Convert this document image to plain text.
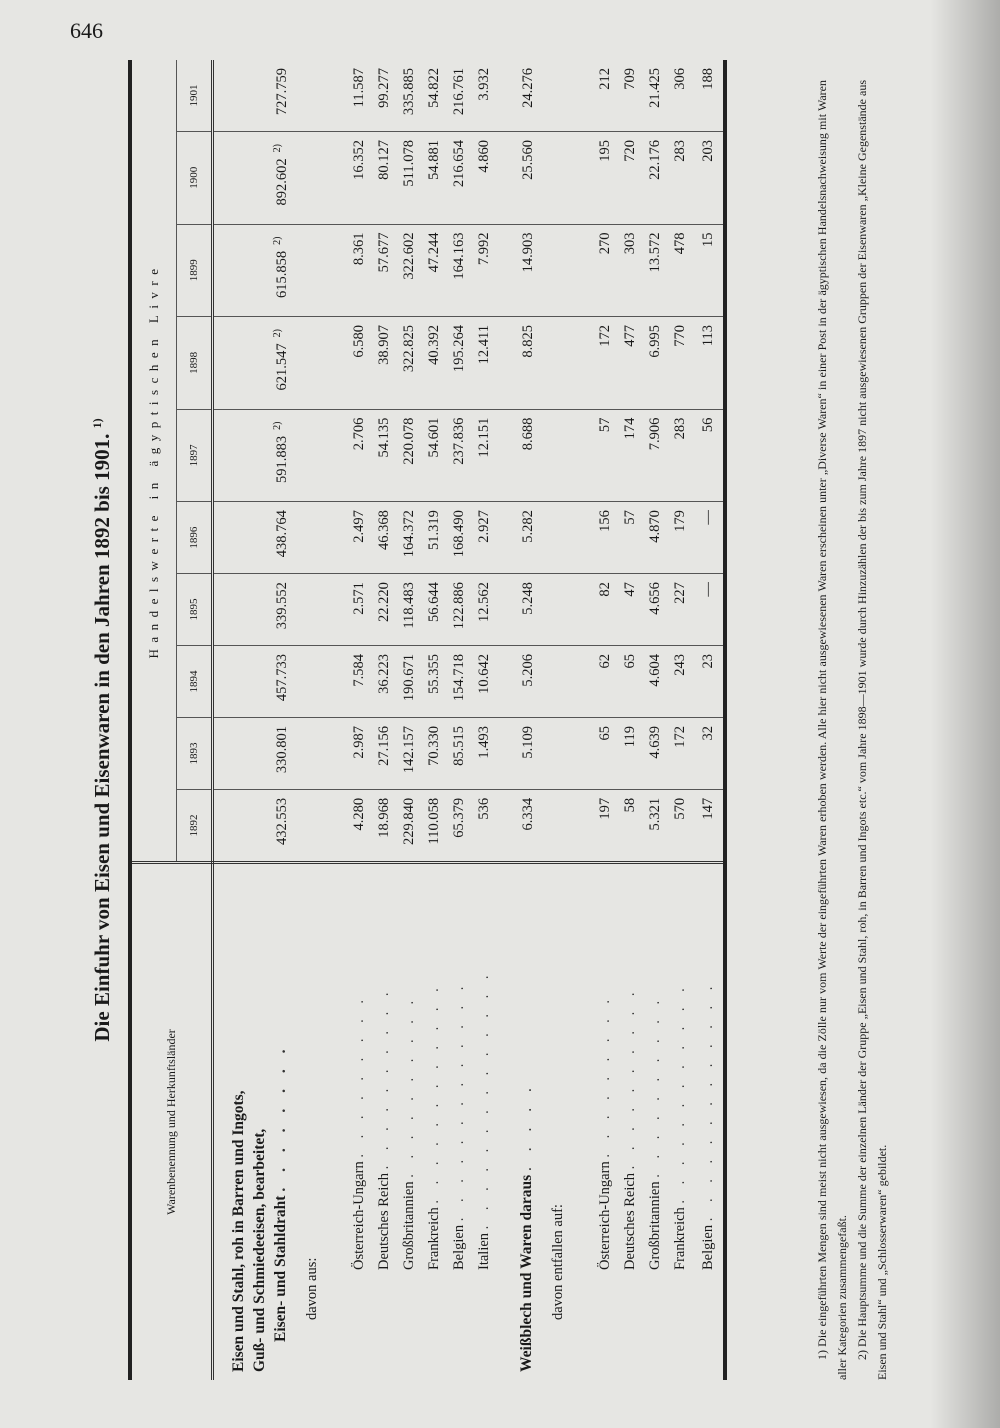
646
Die Einfuhr von Eisen und Eisenwaren in den Jahren 1892 bis 1901. $^{1)}$
Warenbenennung und Herkunftsländer	Handelswerte in ägyptischen Livre									
	1892	1893	1894	1895	1896	1897	1898	1899	1900	1901

Eisen und Stahl, roh in Barren und Ingots, Guß- und Schmiedeeisen, bearbeitet, Eisen- und Stahldraht . . . . . . . .	432.553	330.801	457.733	339.552	438.764	591.883$^{2)}$	621.547$^{2)}$	615.858$^{2)}$	892.602$^{2)}$	727.759
davon aus:										

Österreich-Ungarn . . . . . . . . .	4.280	2.987	7.584	2.571	2.497	2.706	6.580	8.361	16.352	11.587
Deutsches Reich . . . . . . . . . .	18.968	27.156	36.223	22.220	46.368	54.135	38.907	57.677	80.127	99.277
Großbritannien . . . . . . . . . .	229.840	142.157	190.671	118.483	164.372	220.078	322.825	322.602	511.078	335.885
Frankreich . . . . . . . . . . . .	110.058	70.330	55.355	56.644	51.319	54.601	40.392	47.244	54.881	54.822
Belgien . . . . . . . . . . . . .	65.379	85.515	154.718	122.886	168.490	237.836	195.264	164.163	216.654	216.761
Italien . . . . . . . . . . . . . .	536	1.493	10.642	12.562	2.927	12.151	12.411	7.992	4.860	3.932

Weißblech und Waren daraus . . . . .	6.334	5.109	5.206	5.248	5.282	8.688	8.825	14.903	25.560	24.276
davon entfallen auf:										

Österreich-Ungarn . . . . . . . . .	197	65	62	82	156	57	172	270	195	212
Deutsches Reich . . . . . . . . . .	58	119	65	47	57	174	477	303	720	709
Großbritannien . . . . . . . . . .	5.321	4.639	4.604	4.656	4.870	7.906	6.995	13.572	22.176	21.425
Frankreich . . . . . . . . . . . .	570	172	243	227	179	283	770	478	283	306
Belgien . . . . . . . . . . . . .	147	32	23	—	—	56	113	15	203	188

1) Die eingeführten Mengen sind meist nicht ausgewiesen, da die Zölle nur vom Werte der eingeführten Waren erhoben werden. Alle hier nicht ausgewiesenen Waren erscheinen unter „Diverse Waren“ in einer Post in der ägyptischen Handelsnachweisung mit Waren aller Kategorien zusammengefaßt. 2) Die Hauptsumme und die Summe der einzelnen Länder der Gruppe „Eisen und Stahl, roh, in Barren und Ingots etc.“ vom Jahre 1898—1901 wurde durch Hinzuzählen der bis zum Jahre 1897 nicht ausgewiesenen Gruppen der Eisenwaren „Kleine Gegenstände aus Eisen und Stahl“ und „Schlosserwaren“ gebildet.
